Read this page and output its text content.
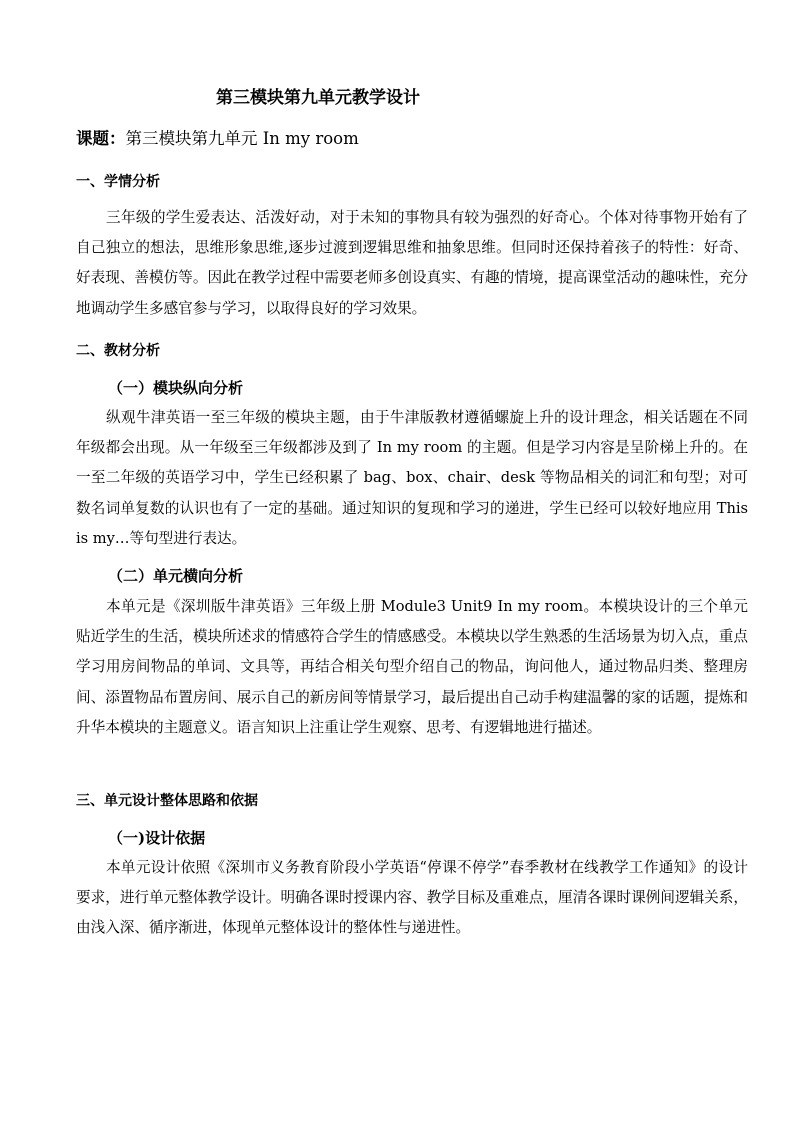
第三模块第九单元教学设计

课题：第三模块第九单元 In my room

一、学情分析

三年级的学生爱表达、活泼好动，对于未知的事物具有较为强烈的好奇心。个体对待事物开始有了自己独立的想法，思维形象思维,逐步过渡到逻辑思维和抽象思维。但同时还保持着孩子的特性：好奇、好表现、善模仿等。因此在教学过程中需要老师多创设真实、有趣的情境，提高课堂活动的趣味性，充分地调动学生多感官参与学习，以取得良好的学习效果。

二、教材分析
（一）模块纵向分析

纵观牛津英语一至三年级的模块主题，由于牛津版教材遵循螺旋上升的设计理念，相关话题在不同年级都会出现。从一年级至三年级都涉及到了 In my room 的主题。但是学习内容是呈阶梯上升的。在一至二年级的英语学习中，学生已经积累了 bag、box、chair、desk 等物品相关的词汇和句型；对可数名词单复数的认识也有了一定的基础。通过知识的复现和学习的递进，学生已经可以较好地应用 This is my…等句型进行表达。

（二）单元横向分析

本单元是《深圳版牛津英语》三年级上册 Module3 Unit9 In my room。本模块设计的三个单元贴近学生的生活，模块所述求的情感符合学生的情感感受。本模块以学生熟悉的生活场景为切入点，重点学习用房间物品的单词、文具等，再结合相关句型介绍自己的物品，询问他人，通过物品归类、整理房间、添置物品布置房间、展示自己的新房间等情景学习，最后提出自己动手构建温馨的家的话题，提炼和升华本模块的主题意义。语言知识上注重让学生观察、思考、有逻辑地进行描述。

三、单元设计整体思路和依据
（一)设计依据

本单元设计依照《深圳市义务教育阶段小学英语“停课不停学”春季教材在线教学工作通知》的设计要求，进行单元整体教学设计。明确各课时授课内容、教学目标及重难点，厘清各课时课例间逻辑关系，由浅入深、循序渐进，体现单元整体设计的整体性与递进性。
